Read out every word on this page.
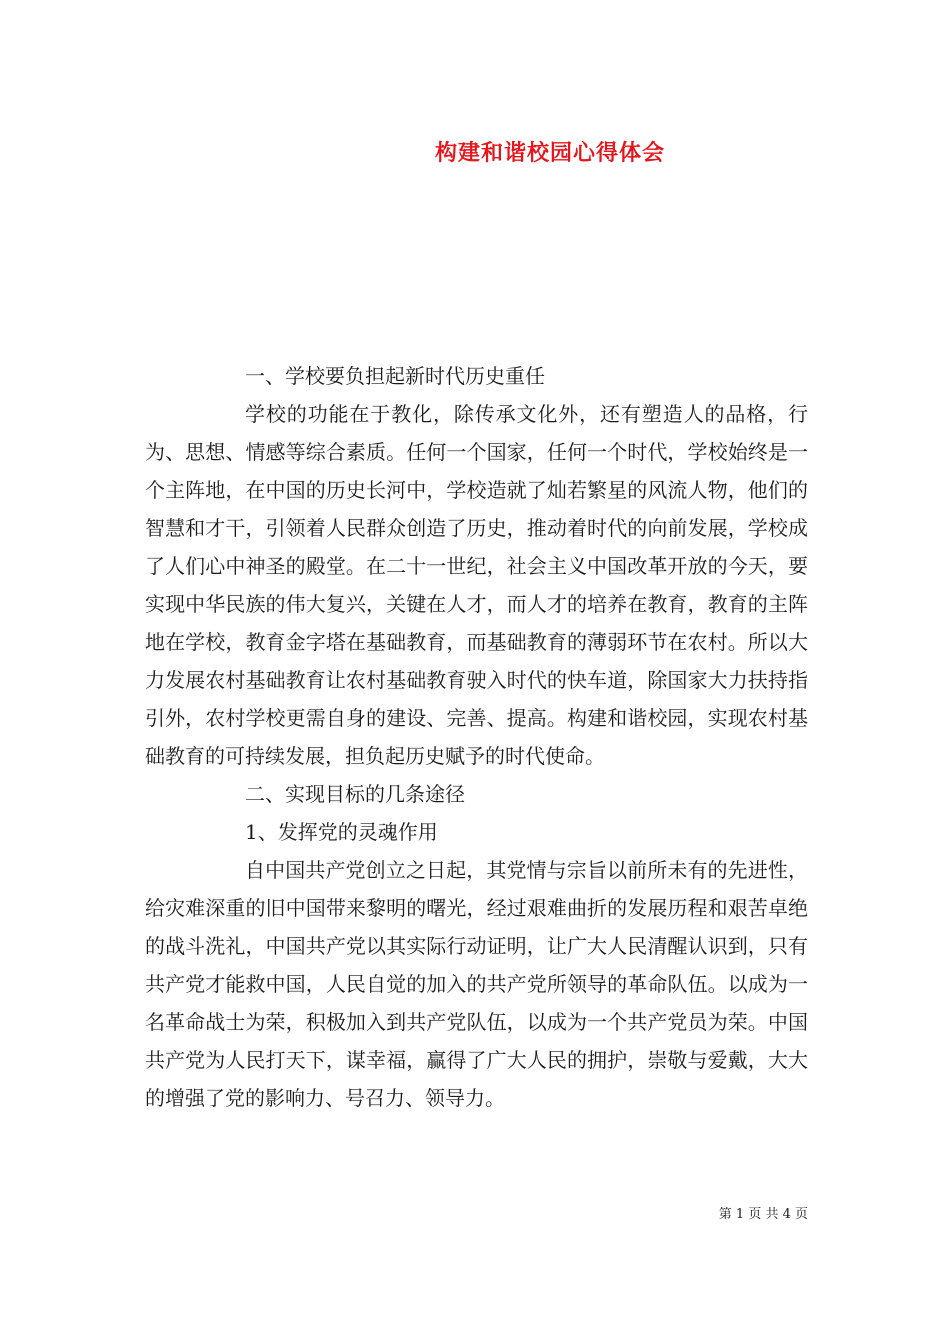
构建和谐校园心得体会

一、学校要负担起新时代历史重任

学校的功能在于教化，除传承文化外，还有塑造人的品格，行为、思想、情感等综合素质。任何一个国家，任何一个时代，学校始终是一个主阵地，在中国的历史长河中，学校造就了灿若繁星的风流人物，他们的智慧和才干，引领着人民群众创造了历史，推动着时代的向前发展，学校成了人们心中神圣的殿堂。在二十一世纪，社会主义中国改革开放的今天，要实现中华民族的伟大复兴，关键在人才，而人才的培养在教育，教育的主阵地在学校，教育金字塔在基础教育，而基础教育的薄弱环节在农村。所以大力发展农村基础教育让农村基础教育驶入时代的快车道，除国家大力扶持指引外，农村学校更需自身的建设、完善、提高。构建和谐校园，实现农村基础教育的可持续发展，担负起历史赋予的时代使命。

二、实现目标的几条途径

1、发挥党的灵魂作用

自中国共产党创立之日起，其党情与宗旨以前所未有的先进性，给灾难深重的旧中国带来黎明的曙光，经过艰难曲折的发展历程和艰苦卓绝的战斗洗礼，中国共产党以其实际行动证明，让广大人民清醒认识到，只有共产党才能救中国，人民自觉的加入的共产党所领导的革命队伍。以成为一名革命战士为荣，积极加入到共产党队伍，以成为一个共产党员为荣。中国共产党为人民打天下，谋幸福，赢得了广大人民的拥护，崇敬与爱戴，大大的增强了党的影响力、号召力、领导力。

第 1 页 共 4 页
